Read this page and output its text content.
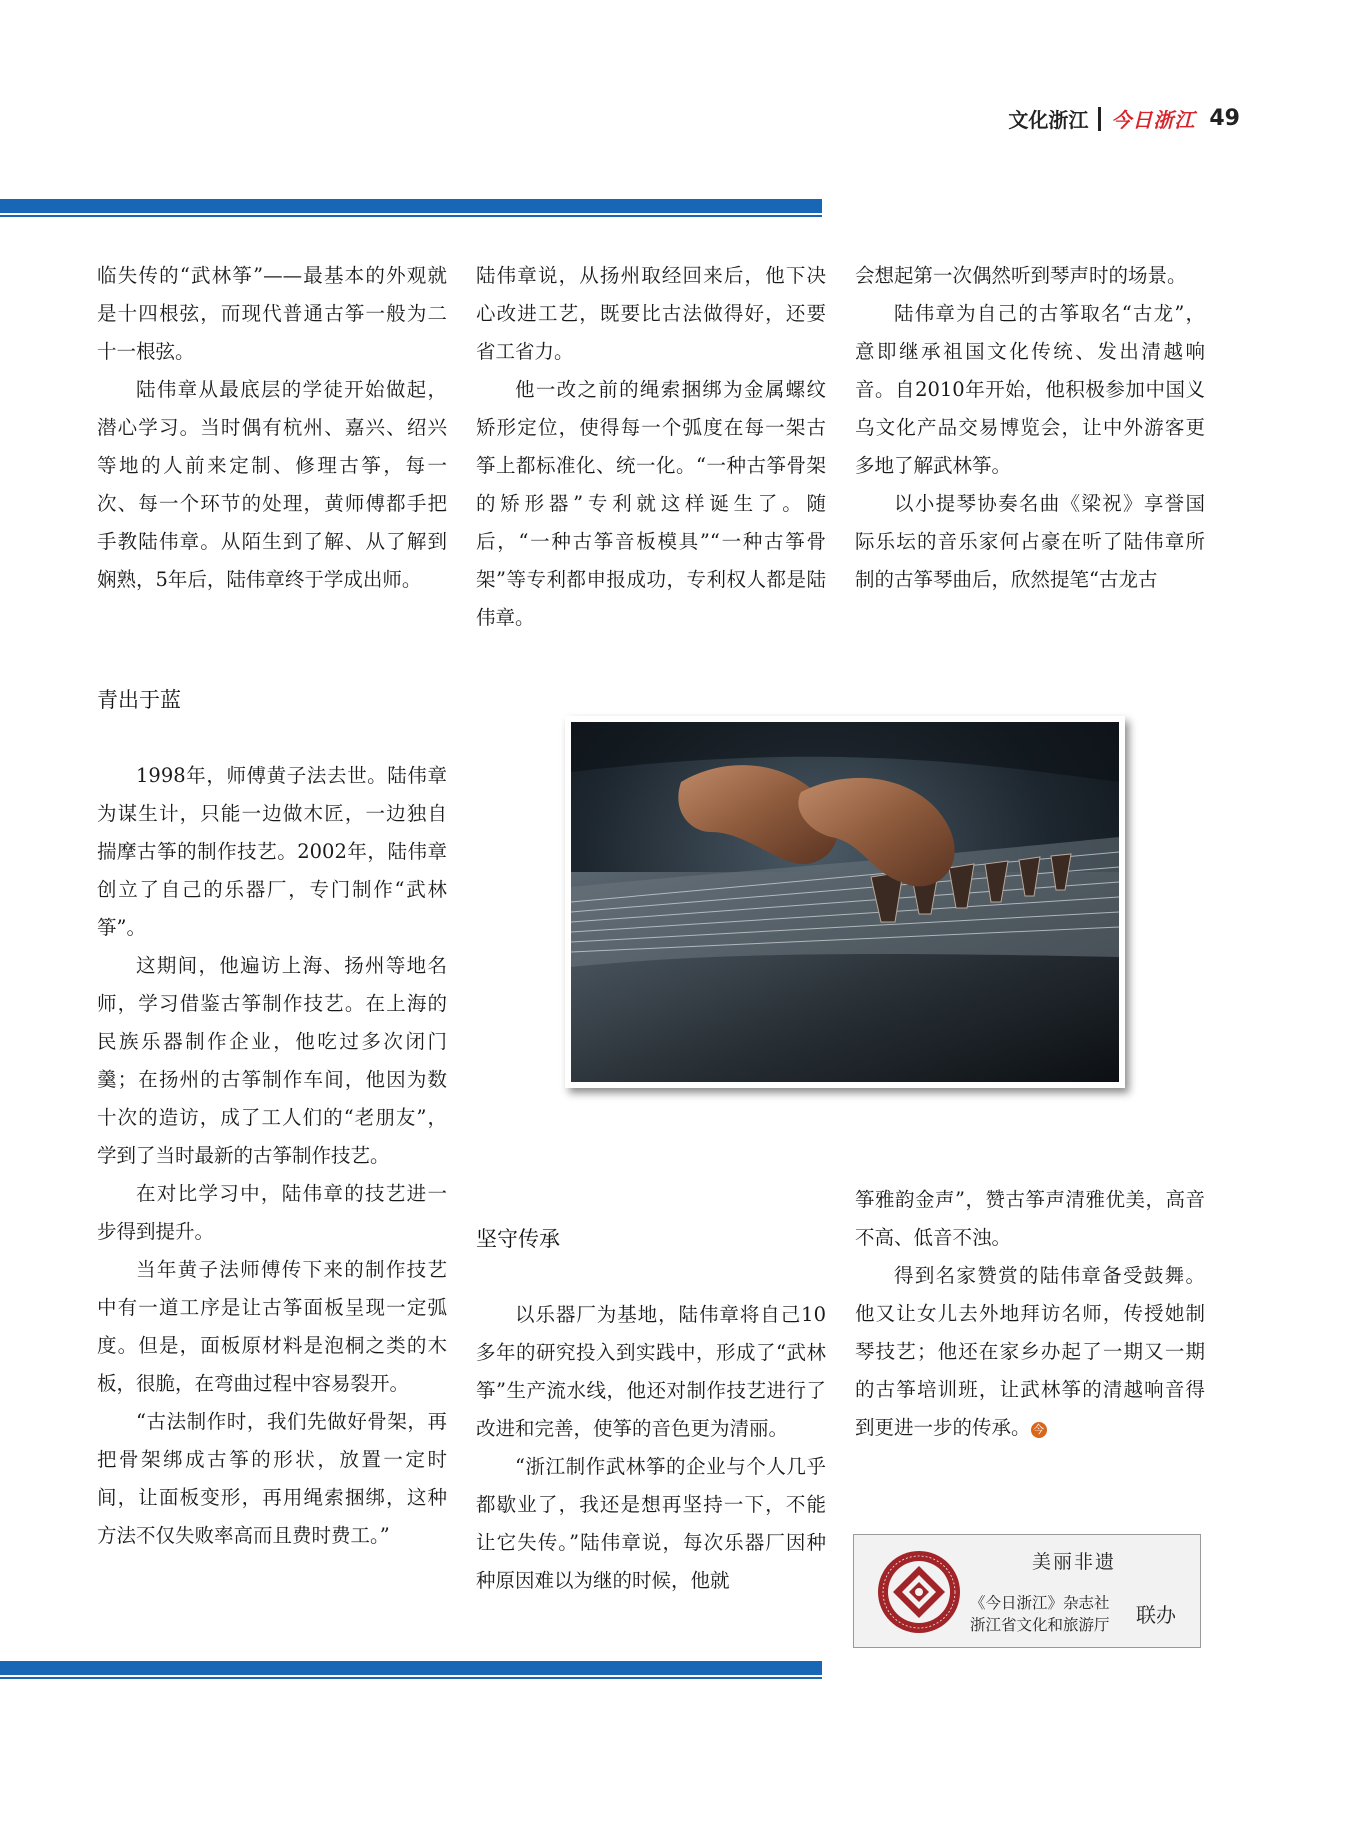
文化浙江 今日浙江 49

临失传的“武林筝”——最基本的外观就是十四根弦，而现代普通古筝一般为二十一根弦。

陆伟章从最底层的学徒开始做起，潜心学习。当时偶有杭州、嘉兴、绍兴等地的人前来定制、修理古筝，每一次、每一个环节的处理，黄师傅都手把手教陆伟章。从陌生到了解、从了解到娴熟，5年后，陆伟章终于学成出师。

陆伟章说，从扬州取经回来后，他下决心改进工艺，既要比古法做得好，还要省工省力。

他一改之前的绳索捆绑为金属螺纹矫形定位，使得每一个弧度在每一架古筝上都标准化、统一化。“一种古筝骨架的矫形器”专利就这样诞生了。随后，“一种古筝音板模具”“一种古筝骨架”等专利都申报成功，专利权人都是陆伟章。

会想起第一次偶然听到琴声时的场景。

陆伟章为自己的古筝取名“古龙”，意即继承祖国文化传统、发出清越响音。自2010年开始，他积极参加中国义乌文化产品交易博览会，让中外游客更多地了解武林筝。

以小提琴协奏名曲《梁祝》享誉国际乐坛的音乐家何占豪在听了陆伟章所制的古筝琴曲后，欣然提笔“古龙古

青出于蓝

1998年，师傅黄子法去世。陆伟章为谋生计，只能一边做木匠，一边独自揣摩古筝的制作技艺。2002年，陆伟章创立了自己的乐器厂，专门制作“武林筝”。

这期间，他遍访上海、扬州等地名师，学习借鉴古筝制作技艺。在上海的民族乐器制作企业，他吃过多次闭门羹；在扬州的古筝制作车间，他因为数十次的造访，成了工人们的“老朋友”，学到了当时最新的古筝制作技艺。

在对比学习中，陆伟章的技艺进一步得到提升。

当年黄子法师傅传下来的制作技艺中有一道工序是让古筝面板呈现一定弧度。但是，面板原材料是泡桐之类的木板，很脆，在弯曲过程中容易裂开。

“古法制作时，我们先做好骨架，再把骨架绑成古筝的形状，放置一定时间，让面板变形，再用绳索捆绑，这种方法不仅失败率高而且费时费工。”

筝雅韵金声”，赞古筝声清雅优美，高音不高、低音不浊。

得到名家赞赏的陆伟章备受鼓舞。他又让女儿去外地拜访名师，传授她制琴技艺；他还在家乡办起了一期又一期的古筝培训班，让武林筝的清越响音得到更进一步的传承。 今

坚守传承

以乐器厂为基地，陆伟章将自己10多年的研究投入到实践中，形成了“武林筝”生产流水线，他还对制作技艺进行了改进和完善，使筝的音色更为清丽。

“浙江制作武林筝的企业与个人几乎都歇业了，我还是想再坚持一下，不能让它失传。”陆伟章说，每次乐器厂因种种原因难以为继的时候，他就

美丽非遗
《今日浙江》杂志社
浙江省文化和旅游厅 联办
